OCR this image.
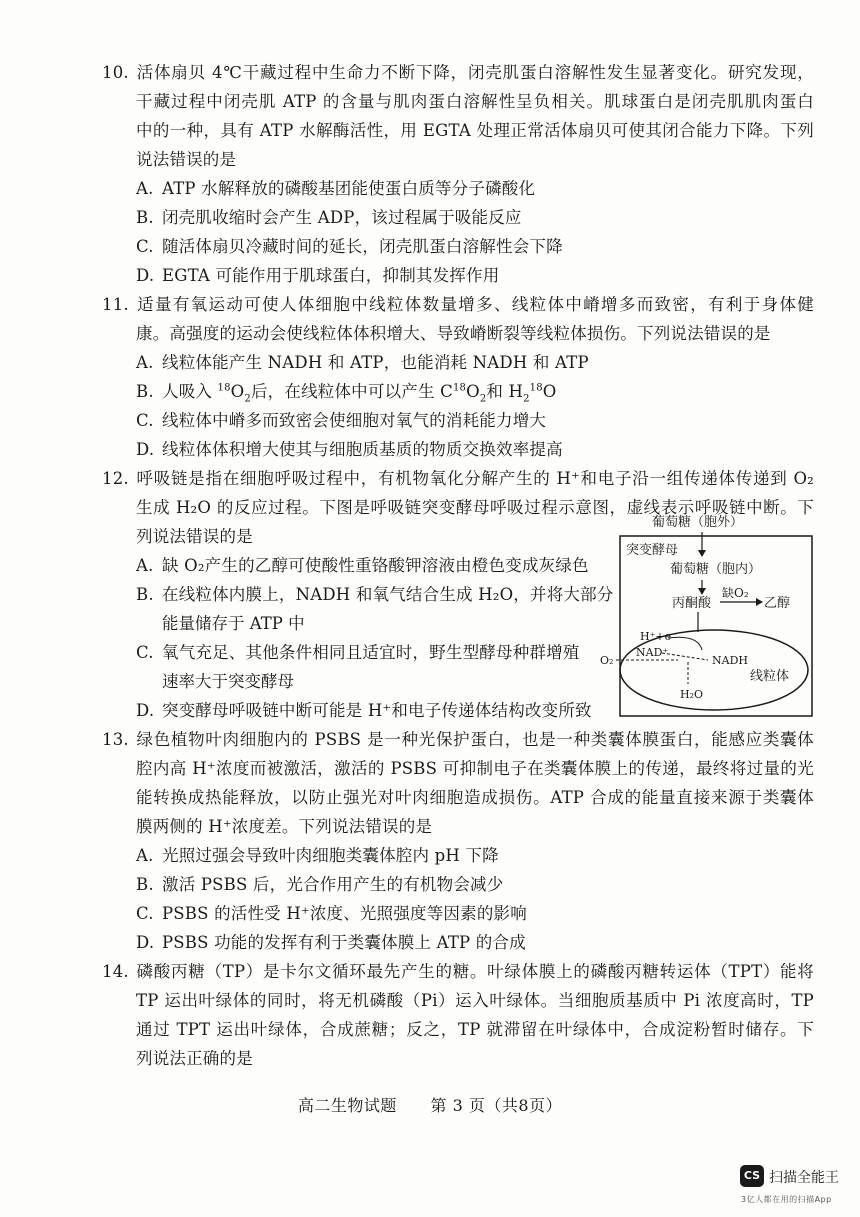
10. 活体扇贝 4℃干藏过程中生命力不断下降，闭壳肌蛋白溶解性发生显著变化。研究发现，
干藏过程中闭壳肌 ATP 的含量与肌肉蛋白溶解性呈负相关。肌球蛋白是闭壳肌肌肉蛋白
中的一种，具有 ATP 水解酶活性，用 EGTA 处理正常活体扇贝可使其闭合能力下降。下列
说法错误的是
A. ATP 水解释放的磷酸基团能使蛋白质等分子磷酸化
B. 闭壳肌收缩时会产生 ADP，该过程属于吸能反应
C. 随活体扇贝冷藏时间的延长，闭壳肌蛋白溶解性会下降
D. EGTA 可能作用于肌球蛋白，抑制其发挥作用
11. 适量有氧运动可使人体细胞中线粒体数量增多、线粒体中嵴增多而致密，有利于身体健
康。高强度的运动会使线粒体体积增大、导致嵴断裂等线粒体损伤。下列说法错误的是
A. 线粒体能产生 NADH 和 ATP，也能消耗 NADH 和 ATP
B. 人吸入 $^{18}O_2$后，在线粒体中可以产生 $C^{18}O_2$和 $H_2^{18}O$
C. 线粒体中嵴多而致密会使细胞对氧气的消耗能力增大
D. 线粒体体积增大使其与细胞质基质的物质交换效率提高
12. 呼吸链是指在细胞呼吸过程中，有机物氧化分解产生的 H⁺和电子沿一组传递体传递到 O₂
生成 H₂O 的反应过程。下图是呼吸链突变酵母呼吸过程示意图，虚线表示呼吸链中断。下
列说法错误的是
A. 缺 O₂产生的乙醇可使酸性重铬酸钾溶液由橙色变成灰绿色
B. 在线粒体内膜上，NADH 和氧气结合生成 H₂O，并将大部分
能量储存于 ATP 中
C. 氧气充足、其他条件相同且适宜时，野生型酵母种群增殖
速率大于突变酵母
D. 突变酵母呼吸链中断可能是 H⁺和电子传递体结构改变所致
13. 绿色植物叶肉细胞内的 PSBS 是一种光保护蛋白，也是一种类囊体膜蛋白，能感应类囊体
腔内高 H⁺浓度而被激活，激活的 PSBS 可抑制电子在类囊体膜上的传递，最终将过量的光
能转换成热能释放，以防止强光对叶肉细胞造成损伤。ATP 合成的能量直接来源于类囊体
膜两侧的 H⁺浓度差。下列说法错误的是
A. 光照过强会导致叶肉细胞类囊体腔内 pH 下降
B. 激活 PSBS 后，光合作用产生的有机物会减少
C. PSBS 的活性受 H⁺浓度、光照强度等因素的影响
D. PSBS 功能的发挥有利于类囊体膜上 ATP 的合成
14. 磷酸丙糖（TP）是卡尔文循环最先产生的糖。叶绿体膜上的磷酸丙糖转运体（TPT）能将
TP 运出叶绿体的同时，将无机磷酸（Pi）运入叶绿体。当细胞质基质中 Pi 浓度高时，TP
通过 TPT 运出叶绿体，合成蔗糖；反之，TP 就滞留在叶绿体中，合成淀粉暂时储存。下
列说法正确的是
葡萄糖（胞外）
突变酵母
葡萄糖（胞内）
丙酮酸
缺O₂
乙醇
H⁺+e⁻
NAD⁺
NADH
O₂
线粒体
H₂O
高二生物试题 第 3 页（共8页）
CS 扫描全能王
3亿人都在用的扫描App
